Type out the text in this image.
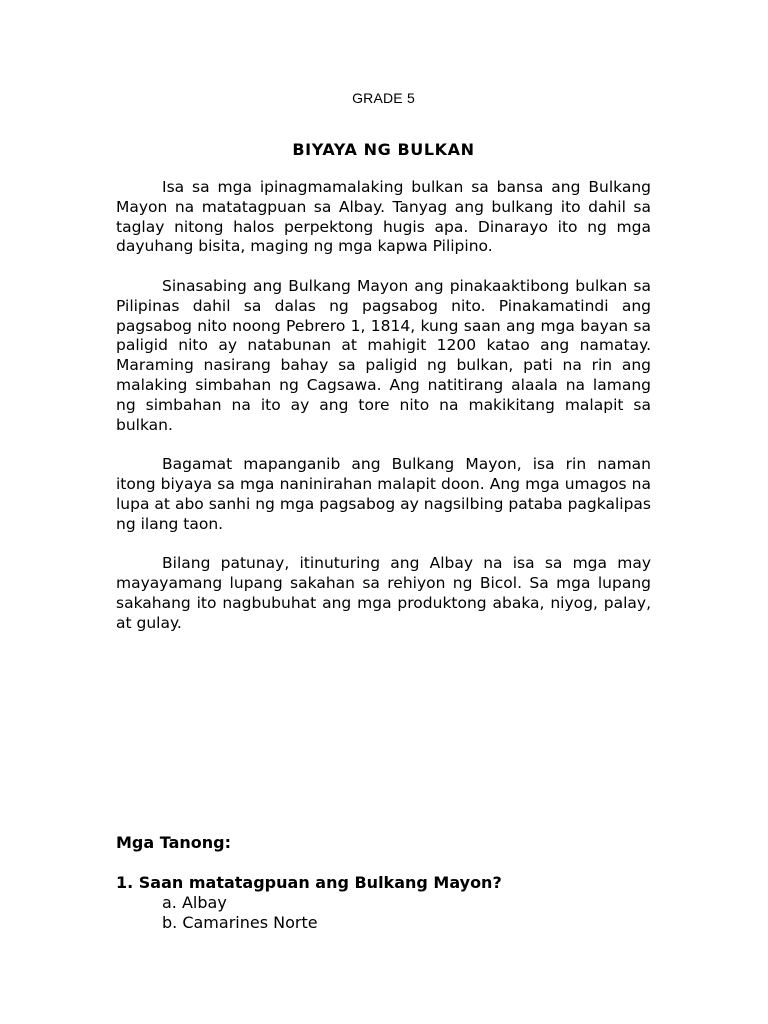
GRADE 5
BIYAYA NG BULKAN

Isa sa mga ipinagmamalaking bulkan sa bansa ang Bulkang Mayon na matatagpuan sa Albay. Tanyag ang bulkang ito dahil sa taglay nitong halos perpektong hugis apa. Dinarayo ito ng mga dayuhang bisita, maging ng mga kapwa Pilipino.

Sinasabing ang Bulkang Mayon ang pinakaaktibong bulkan sa Pilipinas dahil sa dalas ng pagsabog nito. Pinakamatindi ang pagsabog nito noong Pebrero 1, 1814, kung saan ang mga bayan sa paligid nito ay natabunan at mahigit 1200 katao ang namatay. Maraming nasirang bahay sa paligid ng bulkan, pati na rin ang malaking simbahan ng Cagsawa. Ang natitirang alaala na lamang ng simbahan na ito ay ang tore nito na makikitang malapit sa bulkan.

Bagamat mapanganib ang Bulkang Mayon, isa rin naman itong biyaya sa mga naninirahan malapit doon. Ang mga umagos na lupa at abo sanhi ng mga pagsabog ay nagsilbing pataba pagkalipas ng ilang taon.

Bilang patunay, itinuturing ang Albay na isa sa mga may mayayamang lupang sakahan sa rehiyon ng Bicol. Sa mga lupang sakahang ito nagbubuhat ang mga produktong abaka, niyog, palay, at gulay.

Mga Tanong:

1. Saan matatagpuan ang Bulkang Mayon?

a. Albay

b. Camarines Norte
